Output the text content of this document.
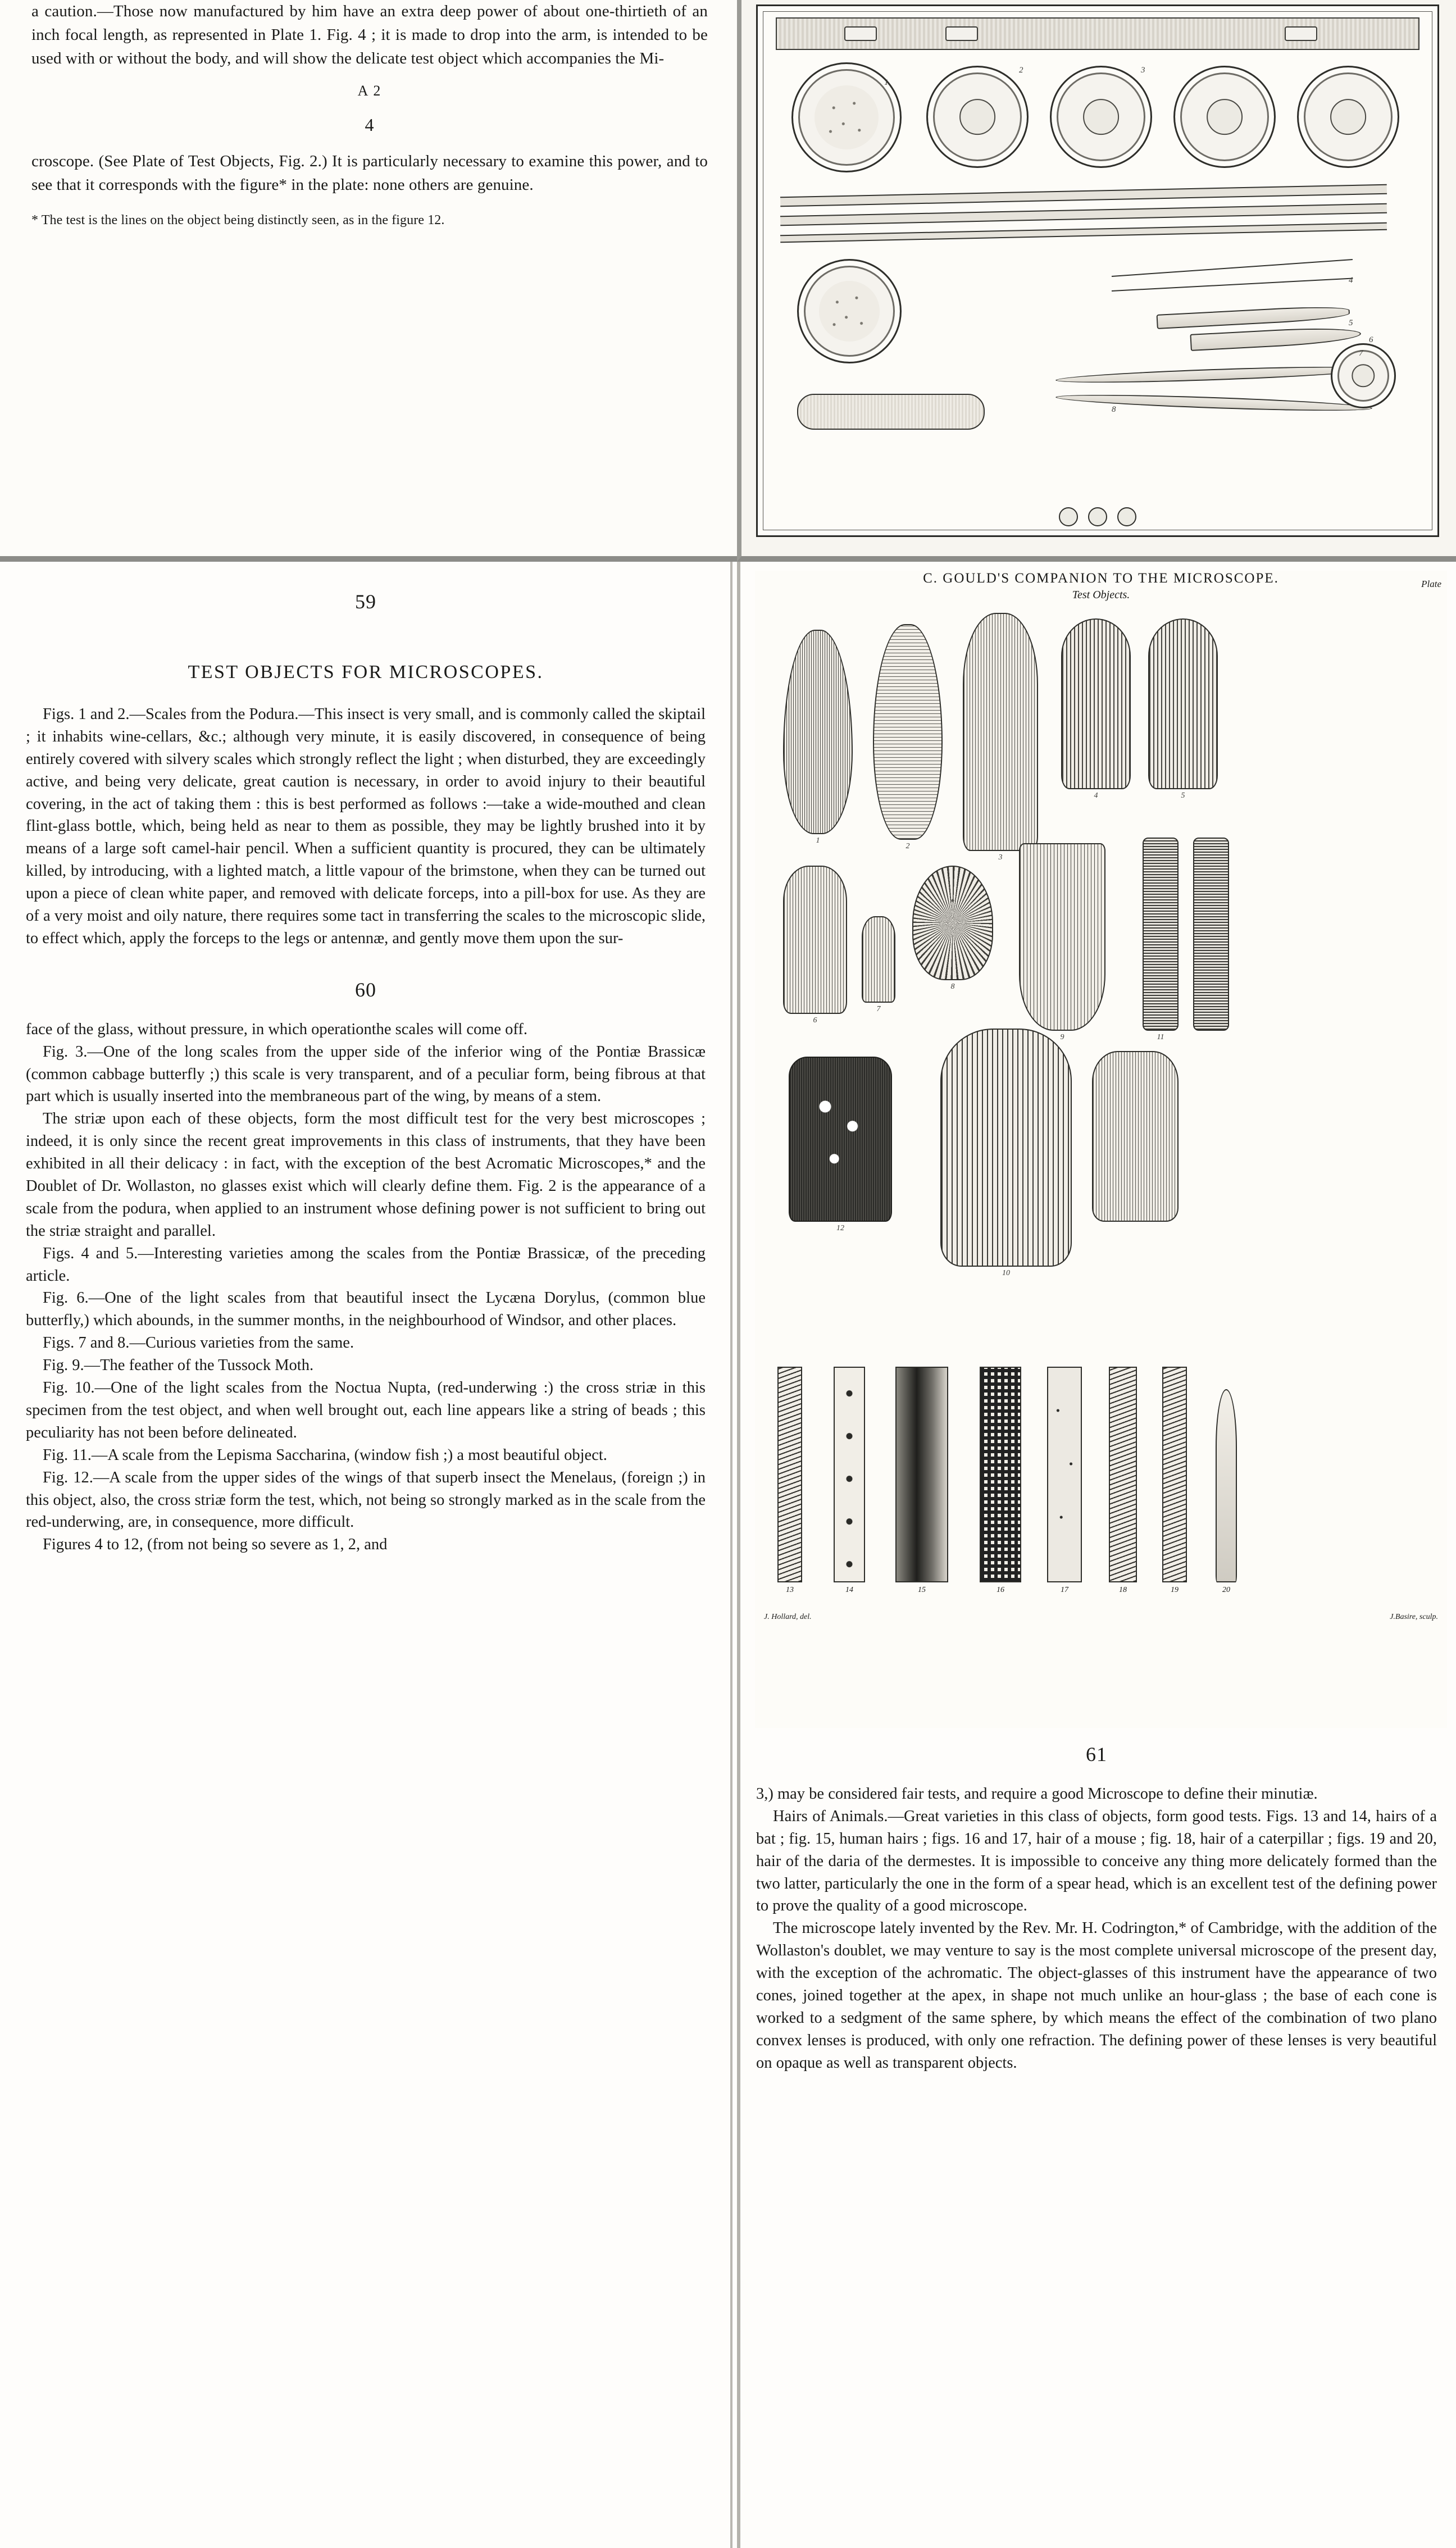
a caution.—Those now manufactured by him have an extra deep power of about one-thirtieth of an inch focal length, as represented in Plate 1. Fig. 4 ; it is made to drop into the arm, is intended to be used with or without the body, and will show the delicate test object which accompanies the Mi-

A 2
4

croscope. (See Plate of Test Objects, Fig. 2.) It is particularly necessary to examine this power, and to see that it corresponds with the figure* in the plate: none others are genuine.

* The test is the lines on the object being distinctly seen, as in the figure 12.
1
2	3
4
5
6
7
8
59
TEST OBJECTS FOR MICROSCOPES.

Figs. 1 and 2.—Scales from the Podura.—This insect is very small, and is commonly called the skiptail ; it inhabits wine-cellars, &c.; although very minute, it is easily discovered, in consequence of being entirely covered with silvery scales which strongly reflect the light ; when disturbed, they are exceedingly active, and being very delicate, great caution is necessary, in order to avoid injury to their beautiful covering, in the act of taking them : this is best performed as follows :—take a wide-mouthed and clean flint-glass bottle, which, being held as near to them as possible, they may be lightly brushed into it by means of a large soft camel-hair pencil. When a sufficient quantity is procured, they can be ultimately killed, by introducing, with a lighted match, a little vapour of the brimstone, when they can be turned out upon a piece of clean white paper, and removed with delicate forceps, into a pill-box for use. As they are of a very moist and oily nature, there requires some tact in transferring the scales to the microscopic slide, to effect which, apply the forceps to the legs or antennæ, and gently move them upon the sur-

60

face of the glass, without pressure, in which operationthe scales will come off.

Fig. 3.—One of the long scales from the upper side of the inferior wing of the Pontiæ Brassicæ (common cabbage butterfly ;) this scale is very transparent, and of a peculiar form, being fibrous at that part which is usually inserted into the membraneous part of the wing, by means of a stem.

The striæ upon each of these objects, form the most difficult test for the very best microscopes ; indeed, it is only since the recent great improvements in this class of instruments, that they have been exhibited in all their delicacy : in fact, with the exception of the best Acromatic Microscopes,* and the Doublet of Dr. Wollaston, no glasses exist which will clearly define them. Fig. 2 is the appearance of a scale from the podura, when applied to an instrument whose defining power is not sufficient to bring out the striæ straight and parallel.

Figs. 4 and 5.—Interesting varieties among the scales from the Pontiæ Brassicæ, of the preceding article.

Fig. 6.—One of the light scales from that beautiful insect the Lycæna Dorylus, (common blue butterfly,) which abounds, in the summer months, in the neighbourhood of Windsor, and other places.

Figs. 7 and 8.—Curious varieties from the same.

Fig. 9.—The feather of the Tussock Moth.

Fig. 10.—One of the light scales from the Noctua Nupta, (red-underwing :) the cross striæ in this specimen from the test object, and when well brought out, each line appears like a string of beads ; this peculiarity has not been before delineated.

Fig. 11.—A scale from the Lepisma Saccharina, (window fish ;) a most beautiful object.

Fig. 12.—A scale from the upper sides of the wings of that superb insect the Menelaus, (foreign ;) in this object, also, the cross striæ form the test, which, not being so strongly marked as in the scale from the red-underwing, are, in consequence, more difficult.

Figures 4 to 12, (from not being so severe as 1, 2, and

Plate
C. GOULD'S COMPANION TO THE MICROSCOPE.
Test Objects.
1
2
3
4	5
6
7
8
9	11
10
12
13	14	15	16	17	18	19	20
J. Hollard, del.	J.Basire, sculp.
61

3,) may be considered fair tests, and require a good Microscope to define their minutiæ.

Hairs of Animals.—Great varieties in this class of objects, form good tests. Figs. 13 and 14, hairs of a bat ; fig. 15, human hairs ; figs. 16 and 17, hair of a mouse ; fig. 18, hair of a caterpillar ; figs. 19 and 20, hair of the daria of the dermestes. It is impossible to conceive any thing more delicately formed than the two latter, particularly the one in the form of a spear head, which is an excellent test of the defining power to prove the quality of a good microscope.

The microscope lately invented by the Rev. Mr. H. Codrington,* of Cambridge, with the addition of the Wollaston's doublet, we may venture to say is the most complete universal microscope of the present day, with the exception of the achromatic. The object-glasses of this instrument have the appearance of two cones, joined together at the apex, in shape not much unlike an hour-glass ; the base of each cone is worked to a sedgment of the same sphere, by which means the effect of the combination of two plano convex lenses is produced, with only one refraction. The defining power of these lenses is very beautiful on opaque as well as transparent objects.
